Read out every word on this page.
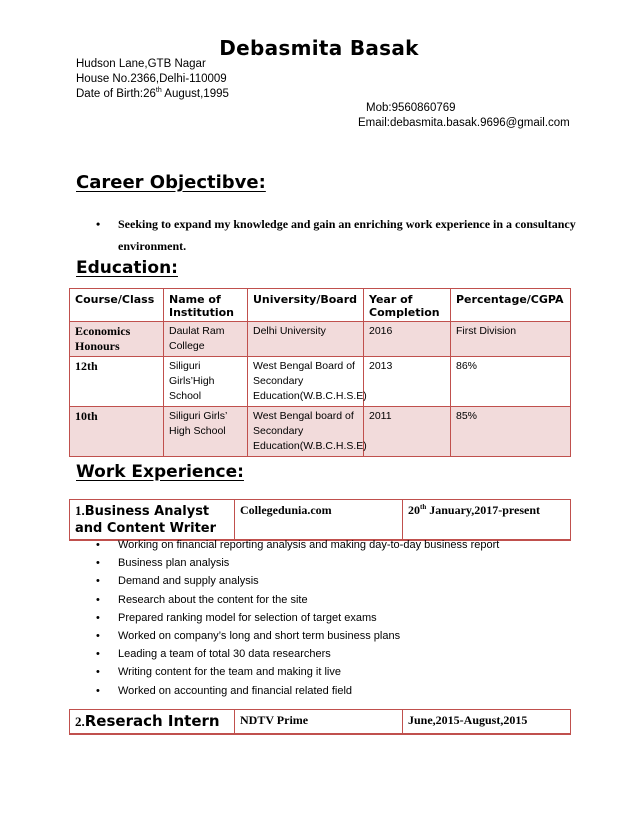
Debasmita Basak
Hudson Lane,GTB Nagar
House No.2366,Delhi-110009
Date of Birth:26th August,1995
Mob:9560860769
Email:debasmita.basak.9696@gmail.com
Career Objectibve:
• Seeking to expand my knowledge and gain an enriching work experience in a consultancy environment.
Education:
Course/Class	Name of Institution	University/Board	Year of Completion	Percentage/CGPA
Economics Honours	Daulat Ram College	Delhi University	2016	First Division
12th	Siliguri Girls’High School	West Bengal Board of Secondary Education(W.B.C.H.S.E)	2013	86%
10th	Siliguri Girls’ High School	West Bengal board of Secondary Education(W.B.C.H.S.E)	2011	85%
Work Experience:
1.Business Analyst and Content Writer	Collegedunia.com	20th January,2017-present
• Working on financial reporting analysis and making day-to-day business report
• Business plan analysis
• Demand and supply analysis
• Research about the content for the site
• Prepared ranking model for selection of target exams
• Worked on company’s long and short term business plans
• Leading a team of total 30 data researchers
• Writing content for the team and making it live
• Worked on accounting and financial related field
2.Reserach Intern	NDTV Prime	June,2015-August,2015
